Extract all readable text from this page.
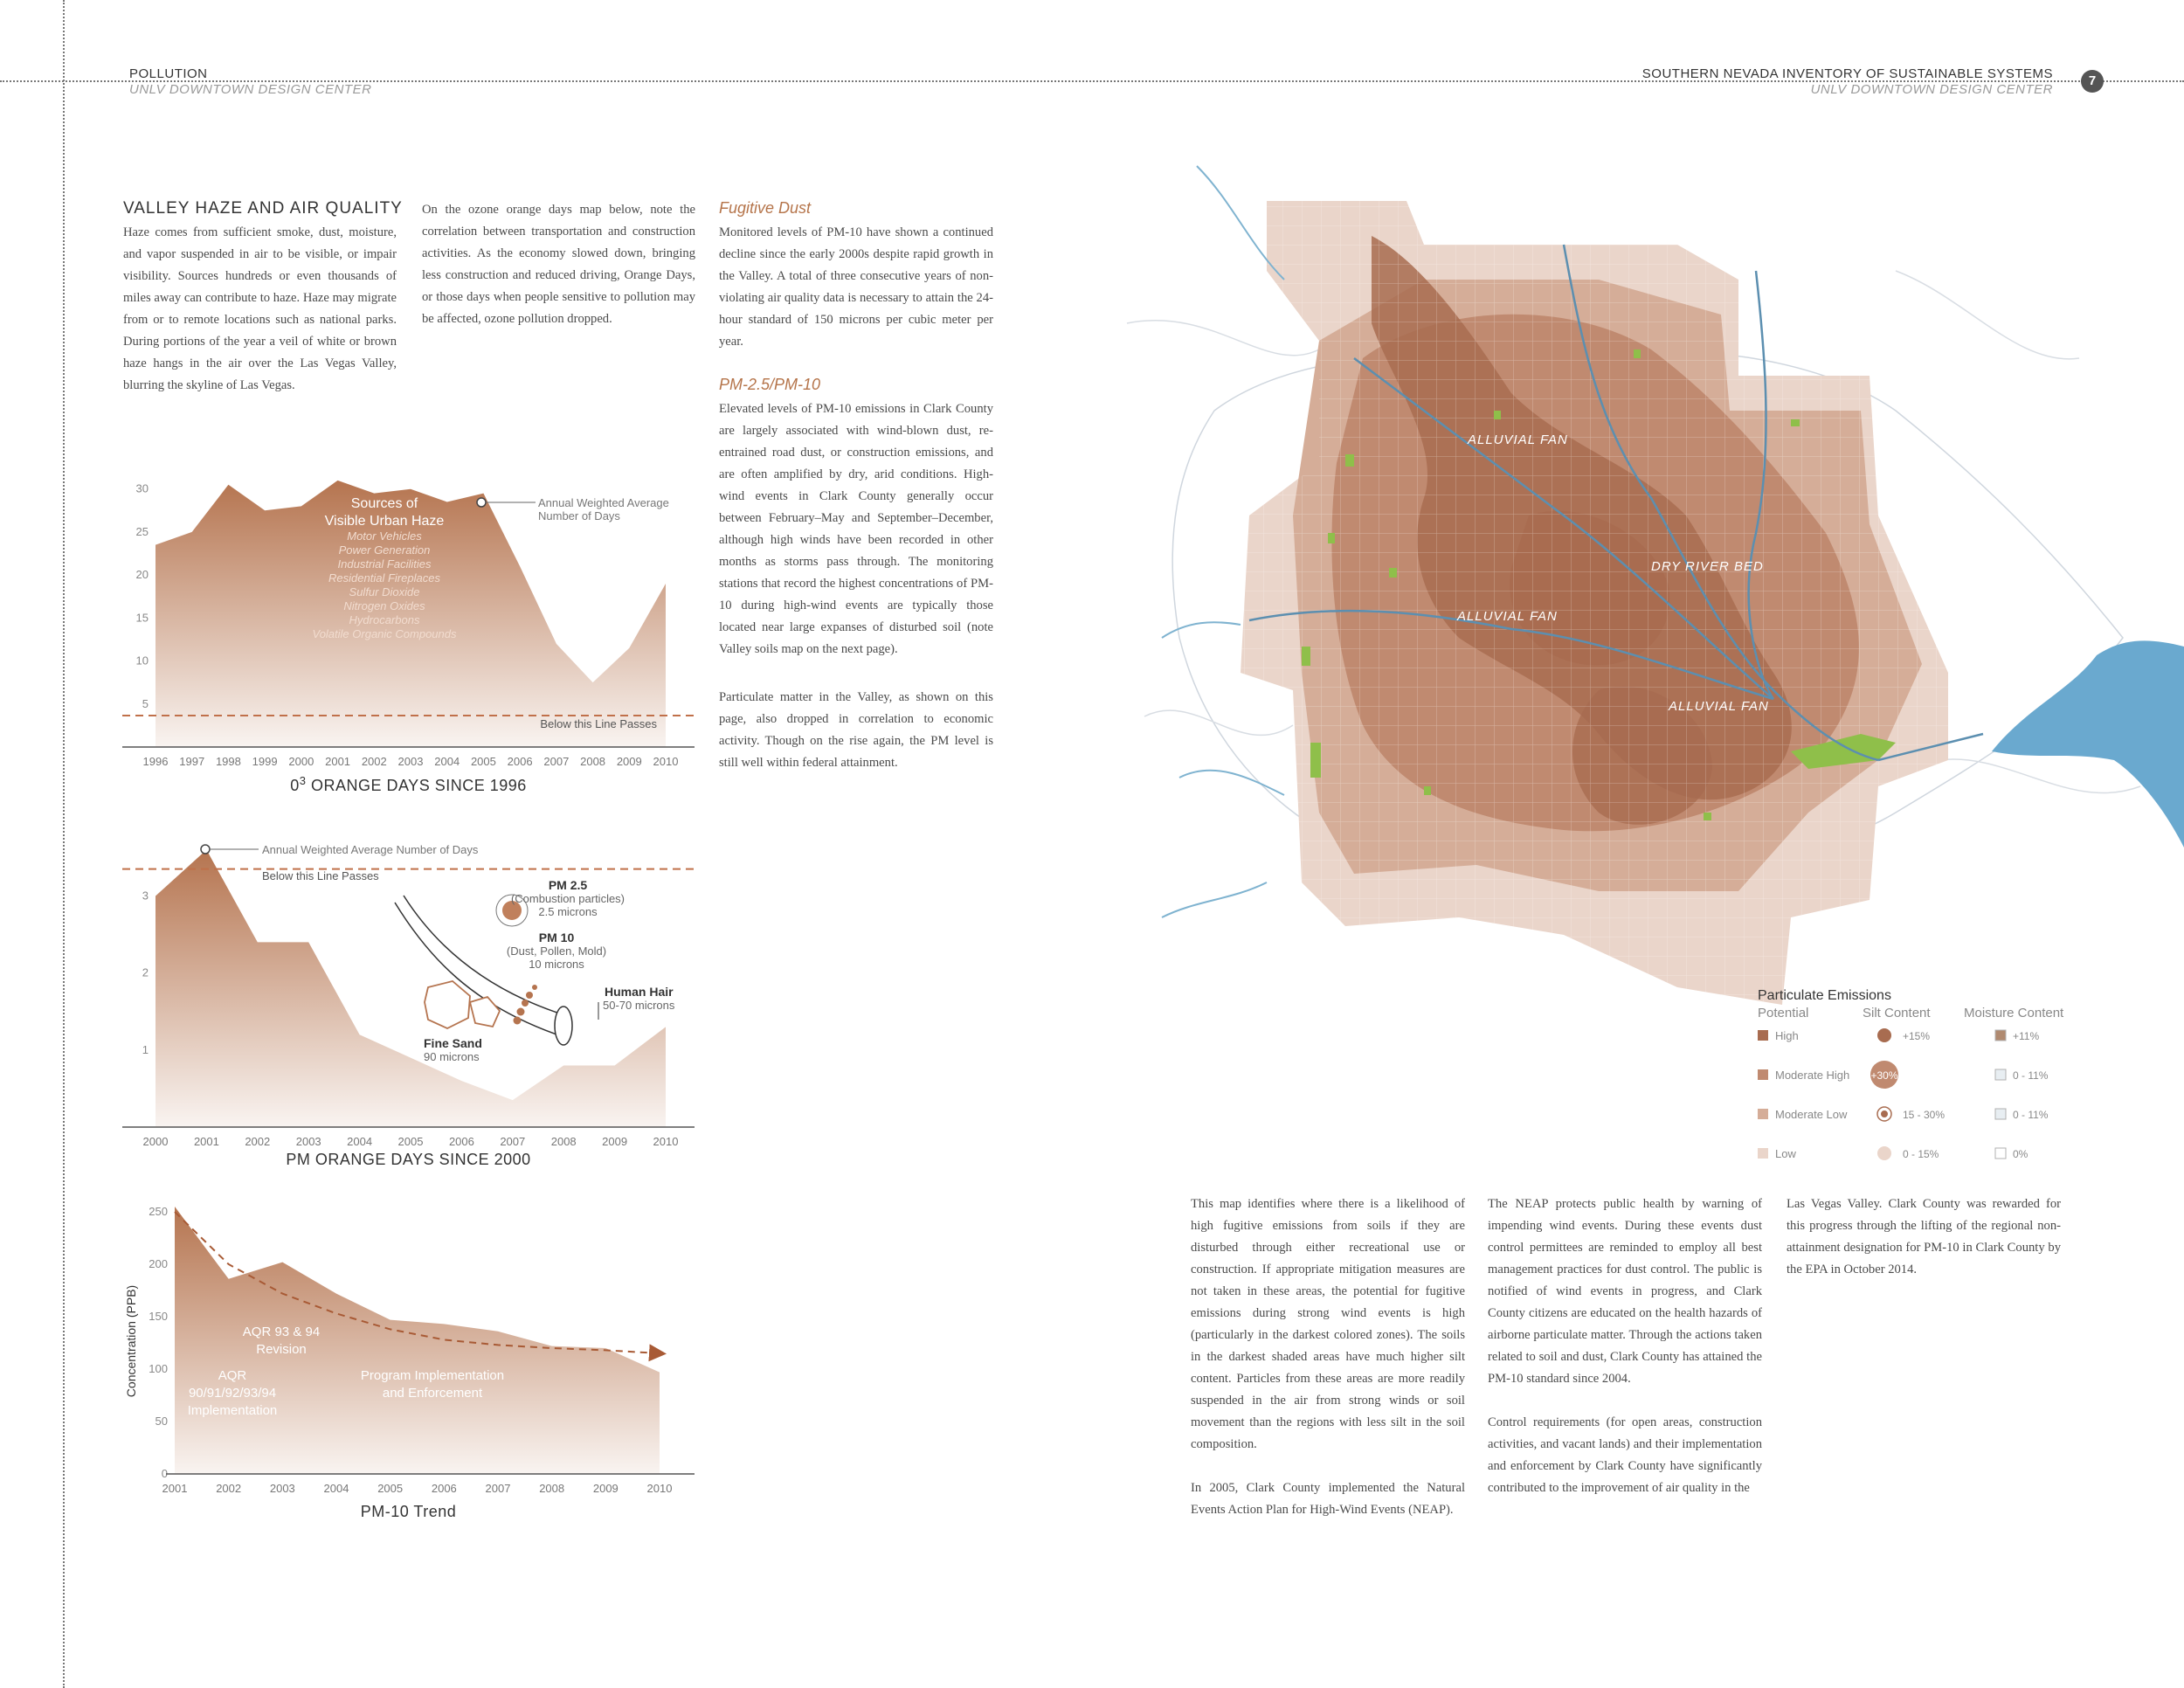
POLLUTION
UNLV DOWNTOWN DESIGN CENTER
SOUTHERN NEVADA INVENTORY OF SUSTAINABLE SYSTEMS
UNLV DOWNTOWN DESIGN CENTER
7
VALLEY HAZE AND AIR QUALITY
Haze comes from sufficient smoke, dust, moisture, and vapor suspended in air to be visible, or impair visibility. Sources hundreds or even thousands of miles away can contribute to haze. Haze may migrate from or to remote locations such as national parks. During portions of the year a veil of white or brown haze hangs in the air over the Las Vegas Valley, blurring the skyline of Las Vegas.
On the ozone orange days map below, note the correlation between transportation and construction activities. As the economy slowed down, bringing less construction and reduced driving, Orange Days, or those days when people sensitive to pollution may be affected, ozone pollution dropped.
Fugitive Dust
Monitored levels of PM-10 have shown a continued decline since the early 2000s despite rapid growth in the Valley. A total of three consecutive years of non-violating air quality data is necessary to attain the 24-hour standard of 150 microns per cubic meter per year.
PM-2.5/PM-10
Elevated levels of PM-10 emissions in Clark County are largely associated with wind-blown dust, re-entrained road dust, or construction emissions, and are often amplified by dry, arid conditions. High-wind events in Clark County generally occur between February–May and September–December, although high winds have been recorded in other months as storms pass through. The monitoring stations that record the highest concentrations of PM-10 during high-wind events are typically those located near large expanses of disturbed soil (note Valley soils map on the next page).
Particulate matter in the Valley, as shown on this page, also dropped in correlation to economic activity. Though on the rise again, the PM level is still well within federal attainment.
5
10
15
20
25
30
1996 1997 1998 1999 2000 2001 2002 2003 2004 2005 2006 2007 2008 2009 2010
Below this Line Passes
Annual Weighted Average
Number of Days
Sources of
Visible Urban Haze
Motor Vehicles
Power Generation
Industrial Facilities
Residential Fireplaces
Sulfur Dioxide
Nitrogen Oxides
Hydrocarbons
Volatile Organic Compounds
$0^3$ ORANGE DAYS SINCE 1996
1
2
3
2000 2001 2002 2003 2004 2005 2006 2007 2008 2009 2010
Below this Line Passes
Annual Weighted Average Number of Days
PM 2.5
(Combustion particles)
2.5 microns
PM 10
(Dust, Pollen, Mold)
10 microns
Human Hair
50-70 microns
Fine Sand
90 microns
PM ORANGE DAYS SINCE 2000
0
50
100
150
200
250
2001	2002	2003	2004	2005	2006	2007	2008	2009	2010
Concentration (PPB)	AQR 93 & 94
Revision
AQR
90/91/92/93/94
Implementation
Program Implementation
and Enforcement
PM-10 Trend
ALLUVIAL FAN
ALLUVIAL FAN
DRY RIVER BED
ALLUVIAL FAN
Particulate Emissions
Potential	Silt Content	Moisture Content
High	+15%	+11%
Moderate High +30%	0 - 11%
Moderate Low	15 - 30%	0 - 11%
Low	0 - 15%	0%

This map identifies where there is a likelihood of high fugitive emissions from soils if they are disturbed through either recreational use or construction. If appropriate mitigation measures are not taken in these areas, the potential for fugitive emissions during strong wind events is high (particularly in the darkest colored zones). The soils in the darkest shaded areas have much higher silt content. Particles from these areas are more readily suspended in the air from strong winds or soil movement than the regions with less silt in the soil composition.

In 2005, Clark County implemented the Natural Events Action Plan for High-Wind Events (NEAP).

The NEAP protects public health by warning of impending wind events. During these events dust control permittees are reminded to employ all best management practices for dust control. The public is notified of wind events in progress, and Clark County citizens are educated on the health hazards of airborne particulate matter. Through the actions taken related to soil and dust, Clark County has attained the PM-10 standard since 2004.

Control requirements (for open areas, construction activities, and vacant lands) and their implementation and enforcement by Clark County have significantly contributed to the improvement of air quality in the

Las Vegas Valley. Clark County was rewarded for this progress through the lifting of the regional non-attainment designation for PM-10 in Clark County by the EPA in October 2014.
